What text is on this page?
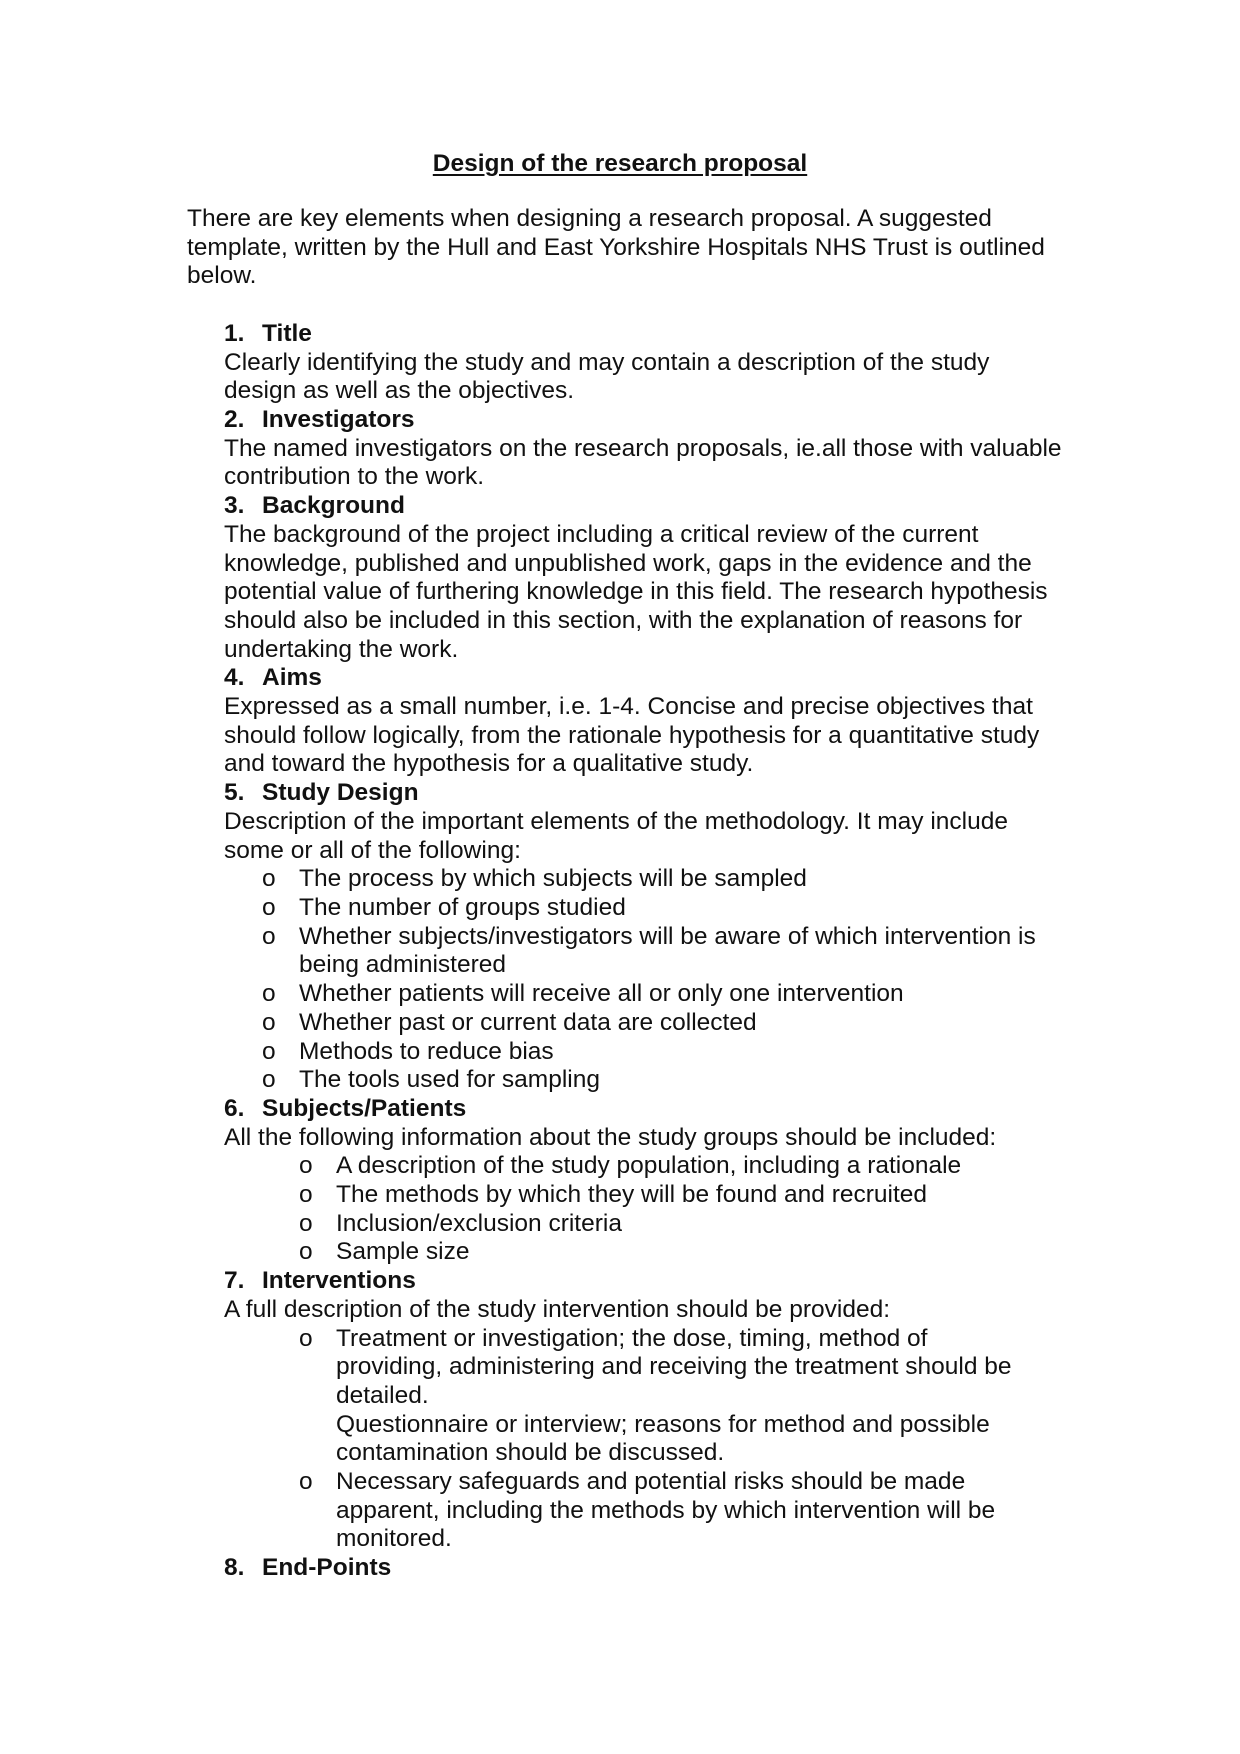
Design of the research proposal

There are key elements when designing a research proposal. A suggested template, written by the Hull and East Yorkshire Hospitals NHS Trust is outlined below.

1. Title

Clearly identifying the study and may contain a description of the study design as well as the objectives.

2. Investigators

The named investigators on the research proposals, ie.all those with valuable contribution to the work.

3. Background

The background of the project including a critical review of the current knowledge, published and unpublished work, gaps in the evidence and the potential value of furthering knowledge in this field. The research hypothesis should also be included in this section, with the explanation of reasons for undertaking the work.

4. Aims

Expressed as a small number, i.e. 1-4. Concise and precise objectives that should follow logically, from the rationale hypothesis for a quantitative study and toward the hypothesis for a qualitative study.

5. Study Design

Description of the important elements of the methodology. It may include some or all of the following:

o The process by which subjects will be sampled
o The number of groups studied
o Whether subjects/investigators will be aware of which intervention is being administered
o Whether patients will receive all or only one intervention
o Whether past or current data are collected
o Methods to reduce bias
o The tools used for sampling
6. Subjects/Patients

All the following information about the study groups should be included:

o A description of the study population, including a rationale
o The methods by which they will be found and recruited
o Inclusion/exclusion criteria
o Sample size
7. Interventions

A full description of the study intervention should be provided:

o Treatment or investigation; the dose, timing, method of providing, administering and receiving the treatment should be detailed.
Questionnaire or interview; reasons for method and possible contamination should be discussed.
o Necessary safeguards and potential risks should be made apparent, including the methods by which intervention will be monitored.
8. End-Points
